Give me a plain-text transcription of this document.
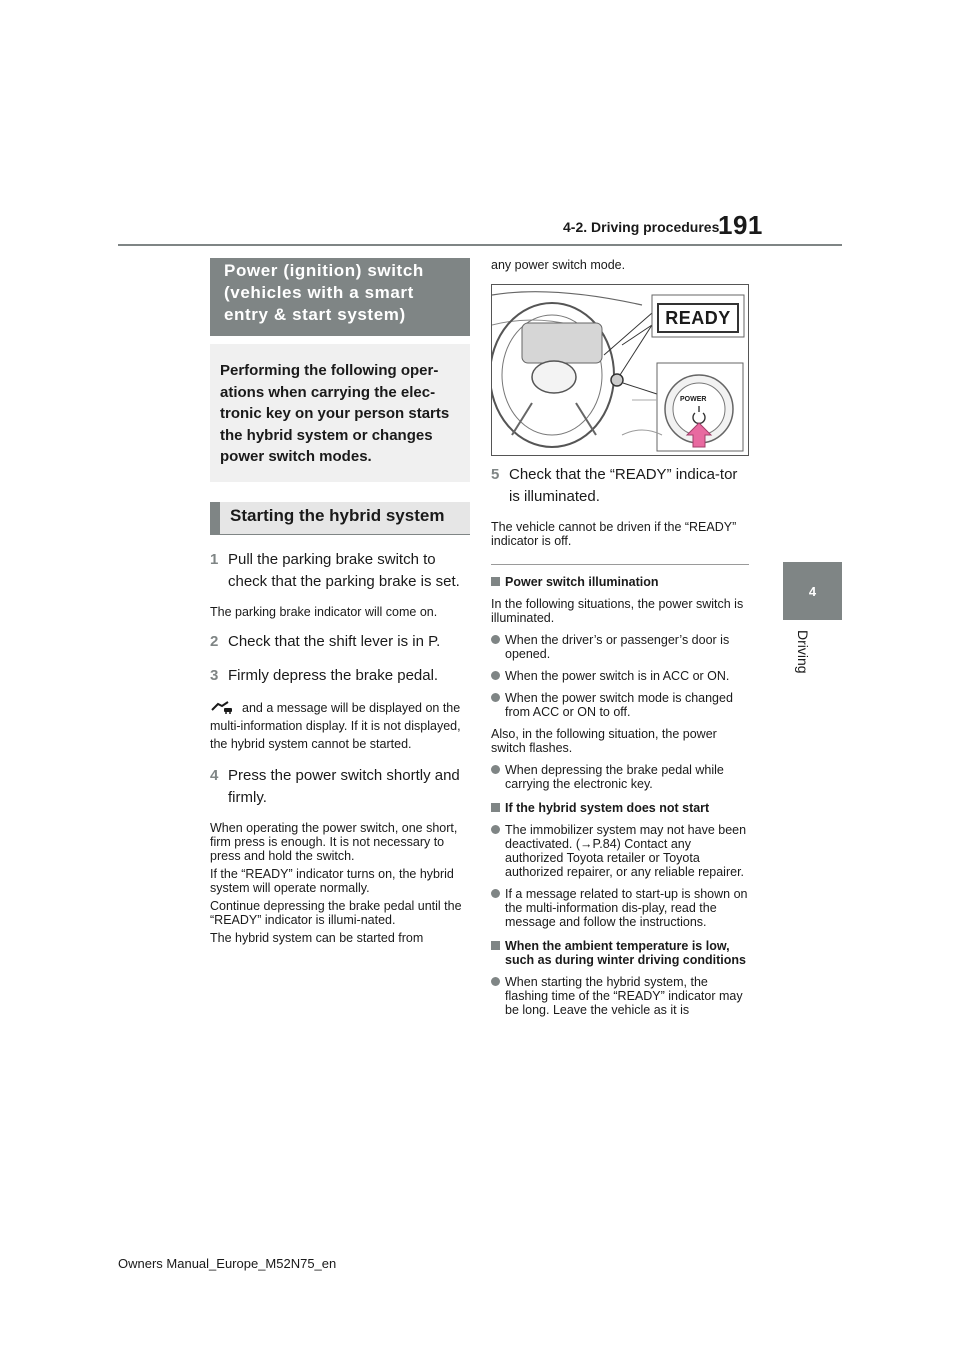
4-2. Driving procedures
191
4
Driving
Power (ignition) switch (vehicles with a smart entry & start system)
Performing the following oper-ations when carrying the elec-tronic key on your person starts the hybrid system or changes power switch modes.
Starting the hybrid system
1 Pull the parking brake switch to check that the parking brake is set.
The parking brake indicator will come on.
2 Check that the shift lever is in P.
3 Firmly depress the brake pedal.
and a message will be displayed on the multi-information display. If it is not displayed, the hybrid system cannot be started.
4 Press the power switch shortly and firmly.
When operating the power switch, one short, firm press is enough. It is not necessary to press and hold the switch.
If the “READY” indicator turns on, the hybrid system will operate normally.
Continue depressing the brake pedal until the “READY” indicator is illumi-nated.
The hybrid system can be started from
any power switch mode.
READY
POWER
5 Check that the “READY” indica-tor is illuminated.
The vehicle cannot be driven if the “READY” indicator is off.
Power switch illumination
In the following situations, the power switch is illuminated.
When the driver’s or passenger’s door is opened.
When the power switch is in ACC or ON.
When the power switch mode is changed from ACC or ON to off.
Also, in the following situation, the power switch flashes.
When depressing the brake pedal while carrying the electronic key.
If the hybrid system does not start
The immobilizer system may not have been deactivated. (→P.84) Contact any authorized Toyota retailer or Toyota authorized repairer, or any reliable repairer.
If a message related to start-up is shown on the multi-information dis-play, read the message and follow the instructions.
When the ambient temperature is low, such as during winter driving conditions
When starting the hybrid system, the flashing time of the “READY” indicator may be long. Leave the vehicle as it is
Owners Manual_Europe_M52N75_en
